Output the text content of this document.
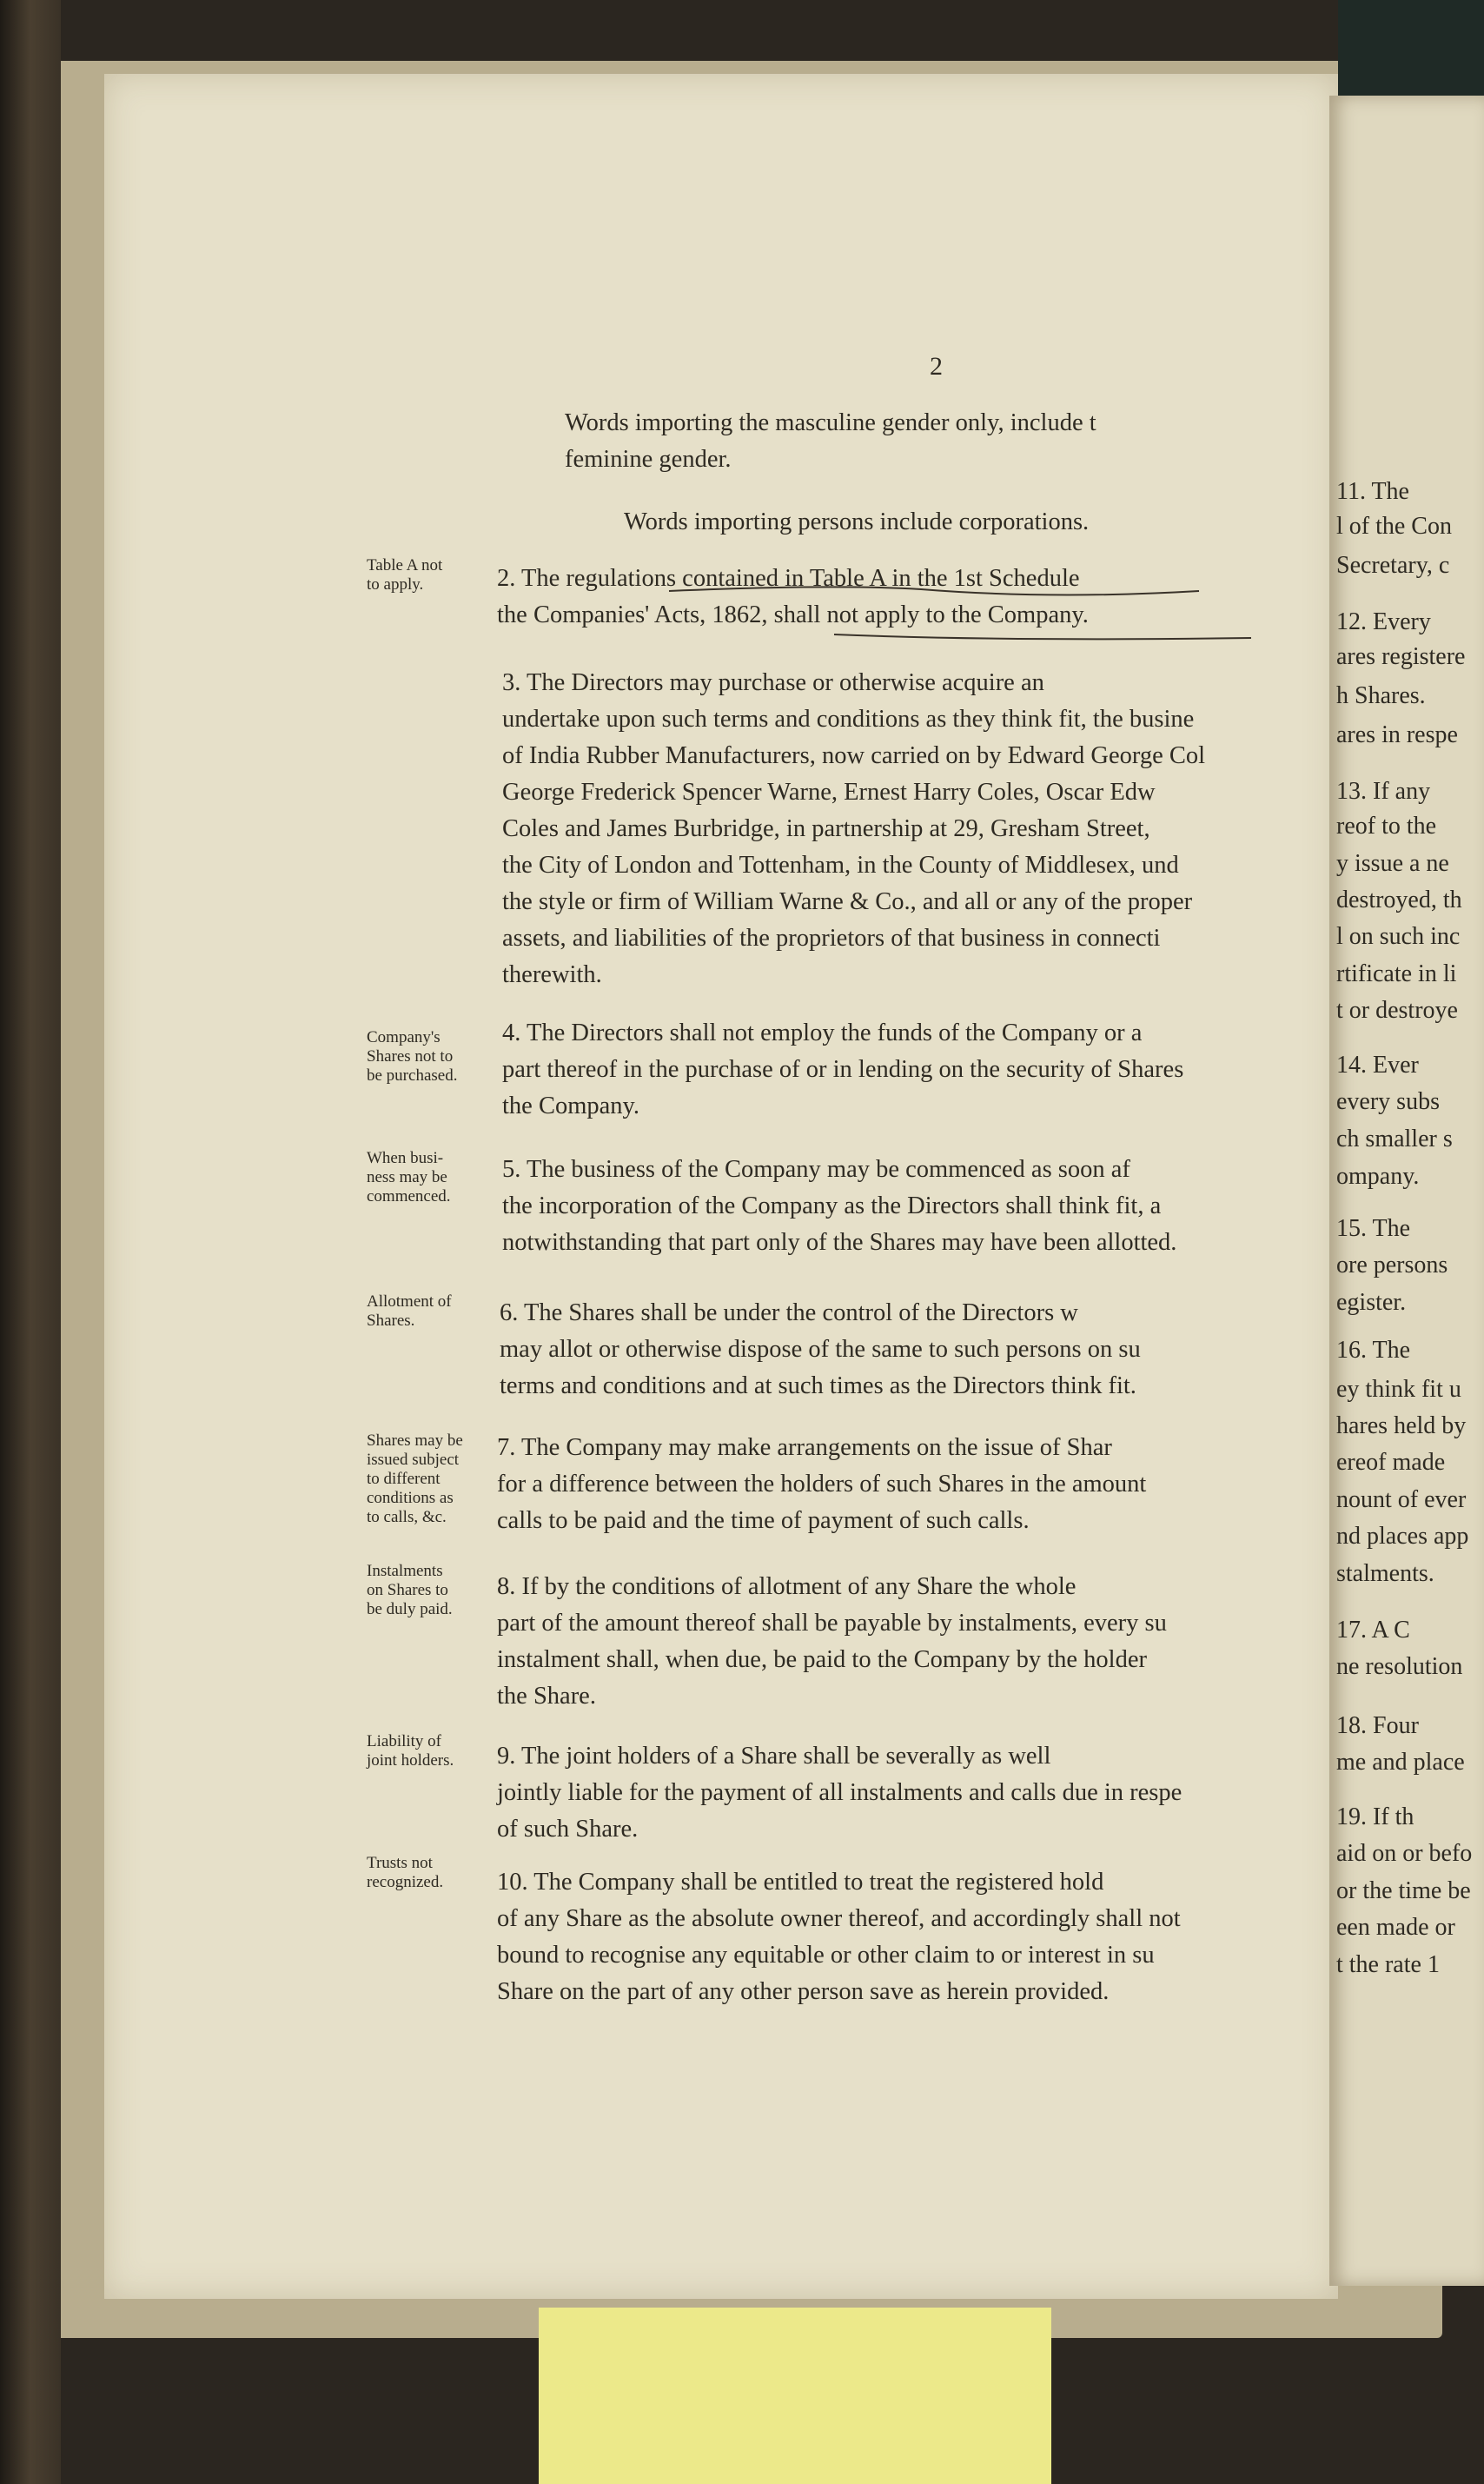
2
Words importing the masculine gender only, include t
feminine gender.
Words importing persons include corporations.
Table A not
to apply.	2. The regulations contained in Table A in the 1st Schedule
the Companies' Acts, 1862, shall not apply to the Company.
3. The Directors may purchase or otherwise acquire an
undertake upon such terms and conditions as they think fit, the busine
of India Rubber Manufacturers, now carried on by Edward George Col
George Frederick Spencer Warne, Ernest Harry Coles, Oscar Edw
Coles and James Burbridge, in partnership at 29, Gresham Street,
the City of London and Tottenham, in the County of Middlesex, und
the style or firm of William Warne & Co., and all or any of the proper
assets, and liabilities of the proprietors of that business in connecti
therewith.
Company's
Shares not to
be purchased.
4. The Directors shall not employ the funds of the Company or a
part thereof in the purchase of or in lending on the security of Shares
the Company.
When busi-
ness may be
commenced.
5. The business of the Company may be commenced as soon af
the incorporation of the Company as the Directors shall think fit, a
notwithstanding that part only of the Shares may have been allotted.
Allotment of
Shares.	6. The Shares shall be under the control of the Directors w
may allot or otherwise dispose of the same to such persons on su
terms and conditions and at such times as the Directors think fit.
Shares may be
issued subject
to different
conditions as
to calls, &c.
7. The Company may make arrangements on the issue of Shar
for a difference between the holders of such Shares in the amount
calls to be paid and the time of payment of such calls.
Instalments
on Shares to
be duly paid.
8. If by the conditions of allotment of any Share the whole
part of the amount thereof shall be payable by instalments, every su
instalment shall, when due, be paid to the Company by the holder
the Share.
Liability of
joint holders.	9. The joint holders of a Share shall be severally as well
jointly liable for the payment of all instalments and calls due in respe
of such Share.
Trusts not
recognized.	10. The Company shall be entitled to treat the registered hold
of any Share as the absolute owner thereof, and accordingly shall not
bound to recognise any equitable or other claim to or interest in su
Share on the part of any other person save as herein provided.
11. The
l of the Con
Secretary, c
12. Every
ares registere
h Shares.
ares in respe
13. If any
reof to the
y issue a ne
destroyed, th
l on such inc
rtificate in li
t or destroye
14. Ever
every subs
ch smaller s
ompany.
15. The
ore persons
egister.
16. The
ey think fit u
hares held by
ereof made
nount of ever
nd places app
stalments.
17. A C
ne resolution
18. Four
me and place
19. If th
aid on or befo
or the time be
een made or
t the rate 1
